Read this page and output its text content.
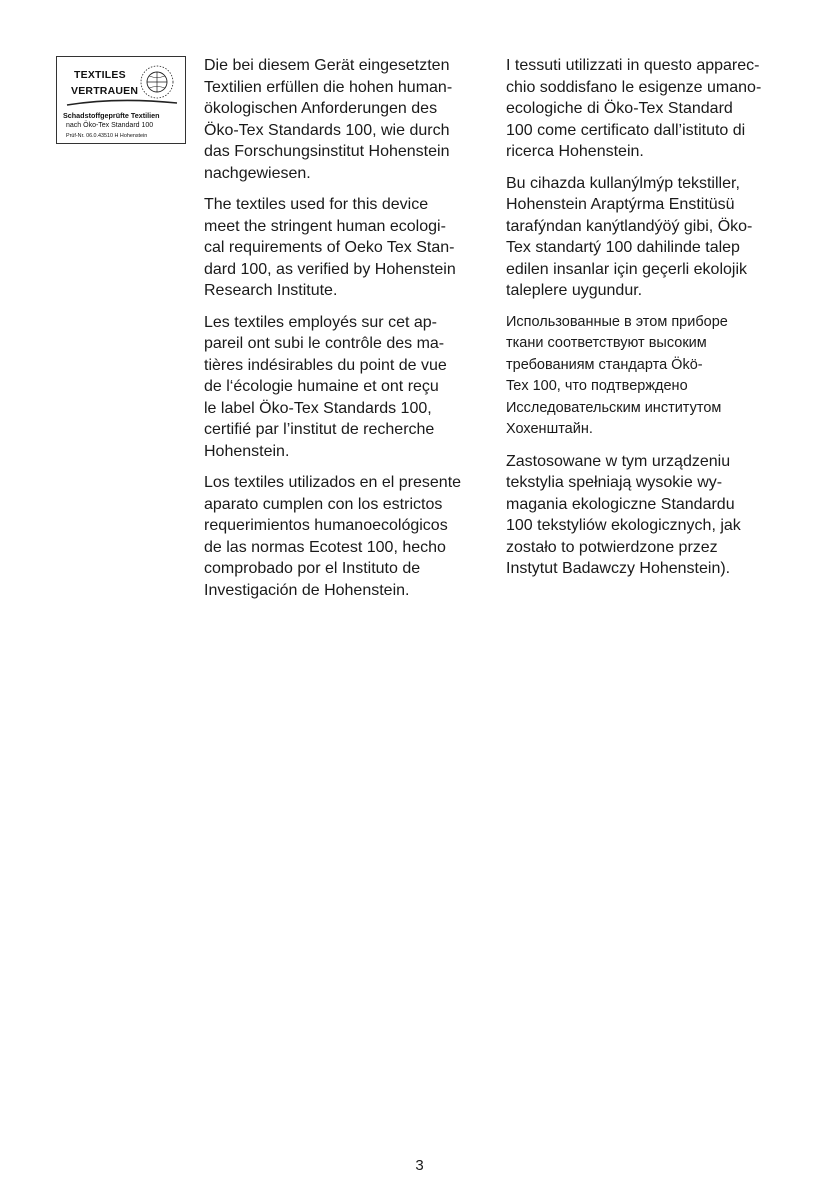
TEXTILES
VERTRAUEN
Schadstoffgeprüfte Textilien
nach Öko-Tex Standard 100
Prüf-Nr. 06.0.43510 H Hohenstein

Die bei diesem Gerät eingesetzten
Textilien erfüllen die hohen human-
ökologischen Anforderungen des
Öko-Tex Standards 100, wie durch
das Forschungsinstitut Hohenstein
nachgewiesen.

The textiles used for this device
meet the stringent human ecologi-
cal requirements of Oeko Tex Stan-
dard 100, as verified by Hohenstein
Research Institute.

Les textiles employés sur cet ap-
pareil ont subi le contrôle des ma-
tières indésirables du point de vue
de l‘écologie humaine et ont reçu
le label Öko-Tex Standards 100,
certifié par l’institut de recherche
Hohenstein.

Los textiles utilizados en el presente
aparato cumplen con los estrictos
requerimientos humanoecológicos
de las normas Ecotest 100, hecho
comprobado por el Instituto de
Investigación de Hohenstein.

I tessuti utilizzati in questo apparec-
chio soddisfano le esigenze umano-
ecologiche di Öko-Tex Standard
100 come certificato dall’istituto di
ricerca Hohenstein.

Bu cihazda kullanýlmýp tekstiller,
Hohenstein Araptýrma Enstitüsü
tarafýndan kanýtlandýöý gibi, Öko-
Tex standartý 100 dahilinde talep
edilen insanlar için geçerli ekolojik
taleplere uygundur.

Использованные в этом приборе
ткани соответствуют высоким
требованиям стандарта Ökö-
Tex 100, что подтверждено
Исследовательским институтом
Хохенштайн.

Zastosowane w tym urządzeniu
tekstylia spełniają wysokie wy-
magania ekologiczne Standardu
100 tekstyliów ekologicznych, jak
zostało to potwierdzone przez
Instytut Badawczy Hohenstein).

3
